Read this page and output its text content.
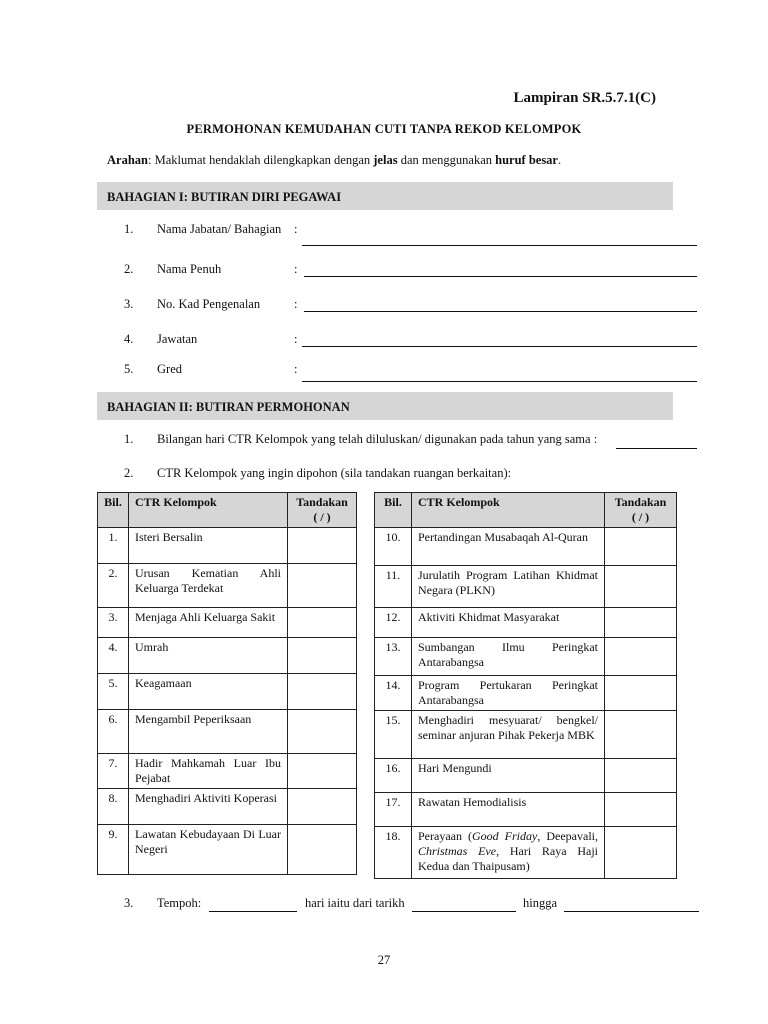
Lampiran SR.5.7.1(C)
PERMOHONAN KEMUDAHAN CUTI TANPA REKOD KELOMPOK
Arahan: Maklumat hendaklah dilengkapkan dengan jelas dan menggunakan huruf besar.
BAHAGIAN I: BUTIRAN DIRI PEGAWAI
1. Nama Jabatan/ Bahagian :
2. Nama Penuh	:
3. No. Kad Pengenalan	:
4. Jawatan	:
5. Gred	:
BAHAGIAN II: BUTIRAN PERMOHONAN
1. Bilangan hari CTR Kelompok yang telah diluluskan/ digunakan pada tahun yang sama :
2. CTR Kelompok yang ingin dipohon (sila tandakan ruangan berkaitan):
Bil.	CTR Kelompok	Tandakan
( / )
1.	Isteri Bersalin	
2.	Urusan Kematian Ahli Keluarga Terdekat	
3.	Menjaga Ahli Keluarga Sakit	
4.	Umrah	
5.	Keagamaan	
6.	Mengambil Peperiksaan	
7.	Hadir Mahkamah Luar Ibu Pejabat	
8.	Menghadiri Aktiviti Koperasi	
9.	Lawatan Kebudayaan Di Luar Negeri	
Bil.	CTR Kelompok	Tandakan
( / )
10.	Pertandingan Musabaqah Al-Quran	
11.	Jurulatih Program Latihan Khidmat Negara (PLKN)	
12.	Aktiviti Khidmat Masyarakat	
13.	Sumbangan Ilmu Peringkat Antarabangsa	
14.	Program Pertukaran Peringkat Antarabangsa	
15.	Menghadiri mesyuarat/ bengkel/ seminar anjuran Pihak Pekerja MBK	
16.	Hari Mengundi	
17.	Rawatan Hemodialisis	
18.	Perayaan (Good Friday, Deepavali, Christmas Eve, Hari Raya Haji Kedua dan Thaipusam)	
3. Tempoh:	hari iaitu dari tarikh	hingga
27
